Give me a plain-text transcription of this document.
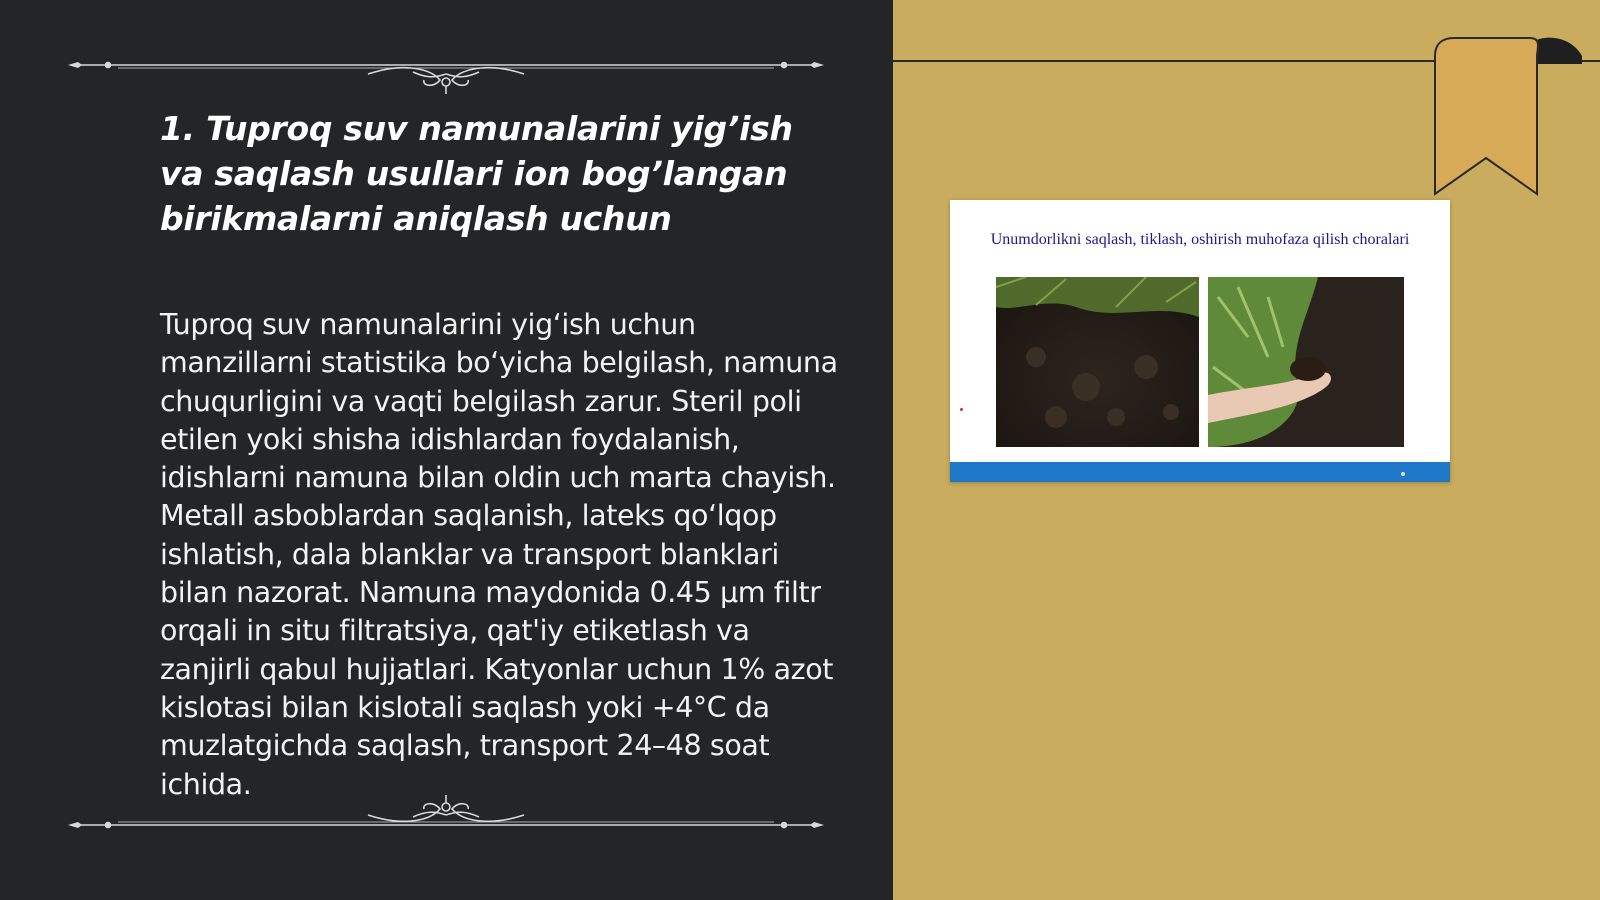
1. Tuproq suv namunalarini yig’ish va saqlash usullari ion bog’langan birikmalarni aniqlash uchun

Tuproq suv namunalarini yig‘ish uchun manzillarni statistika bo‘yicha belgilash, namuna chuqurligini va vaqti belgilash zarur. Steril poli etilen yoki shisha idishlardan foydalanish, idishlarni namuna bilan oldin uch marta chayish. Metall asboblardan saqlanish, lateks qo‘lqop ishlatish, dala blanklar va transport blanklari bilan nazorat. Namuna maydonida 0.45 µm filtr orqali in situ filtratsiya, qat'iy etiketlash va zanjirli qabul hujjatlari. Katyonlar uchun 1% azot kislotasi bilan kislotali saqlash yoki +4°C da muzlatgichda saqlash, transport 24–48 soat ichida.

Unumdorlikni saqlash, tiklash, oshirish muhofaza qilish choralari
